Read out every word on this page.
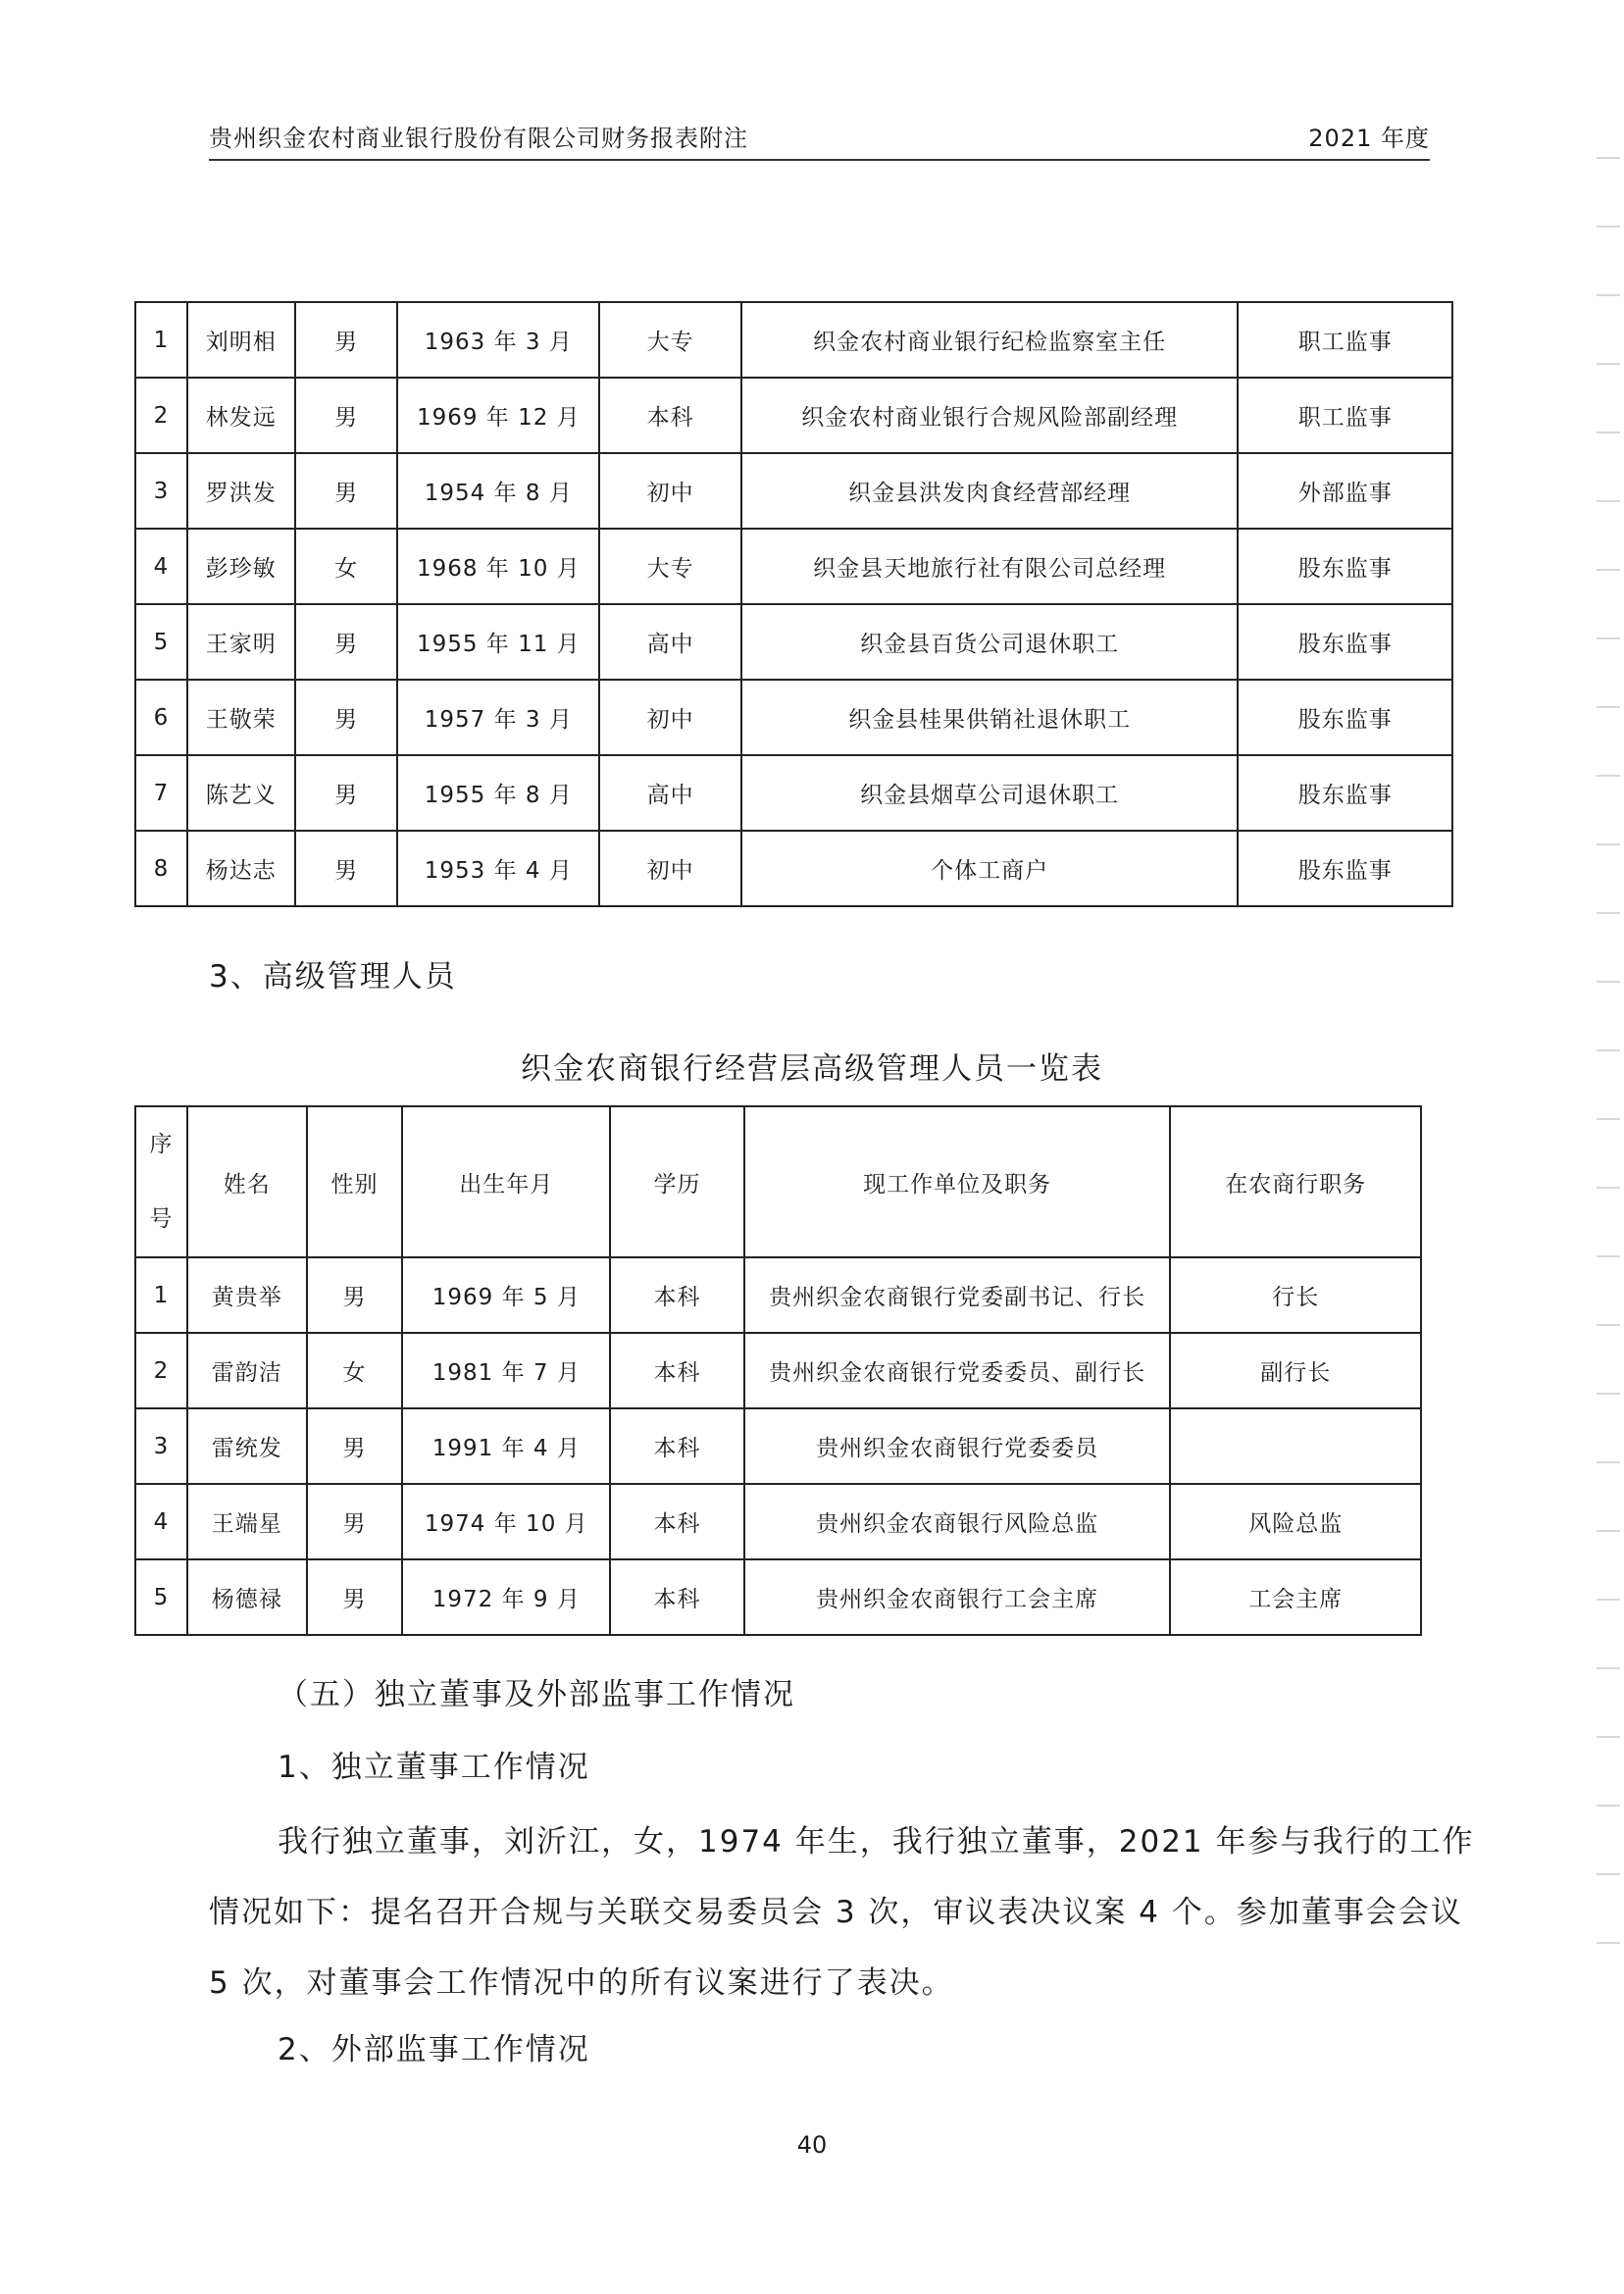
贵州织金农村商业银行股份有限公司财务报表附注	2021 年度
1	刘明相	男	1963 年 3 月	大专	织金农村商业银行纪检监察室主任	职工监事
2	林发远	男	1969 年 12 月	本科	织金农村商业银行合规风险部副经理	职工监事
3	罗洪发	男	1954 年 8 月	初中	织金县洪发肉食经营部经理	外部监事
4	彭珍敏	女	1968 年 10 月	大专	织金县天地旅行社有限公司总经理	股东监事
5	王家明	男	1955 年 11 月	高中	织金县百货公司退休职工	股东监事
6	王敬荣	男	1957 年 3 月	初中	织金县桂果供销社退休职工	股东监事
7	陈艺义	男	1955 年 8 月	高中	织金县烟草公司退休职工	股东监事
8	杨达志	男	1953 年 4 月	初中	个体工商户	股东监事
3、高级管理人员
织金农商银行经营层高级管理人员一览表
序
号	姓名	性别	出生年月	学历	现工作单位及职务	在农商行职务
1	黄贵举	男	1969 年 5 月	本科	贵州织金农商银行党委副书记、行长	行长
2	雷韵洁	女	1981 年 7 月	本科	贵州织金农商银行党委委员、副行长	副行长
3	雷统发	男	1991 年 4 月	本科	贵州织金农商银行党委委员	
4	王端星	男	1974 年 10 月	本科	贵州织金农商银行风险总监	风险总监
5	杨德禄	男	1972 年 9 月	本科	贵州织金农商银行工会主席	工会主席
（五）独立董事及外部监事工作情况
1、独立董事工作情况
我行独立董事，刘沂江，女，1974 年生，我行独立董事，2021 年参与我行的工作
情况如下：提名召开合规与关联交易委员会 3 次，审议表决议案 4 个。参加董事会会议
5 次，对董事会工作情况中的所有议案进行了表决。
2、外部监事工作情况
40
